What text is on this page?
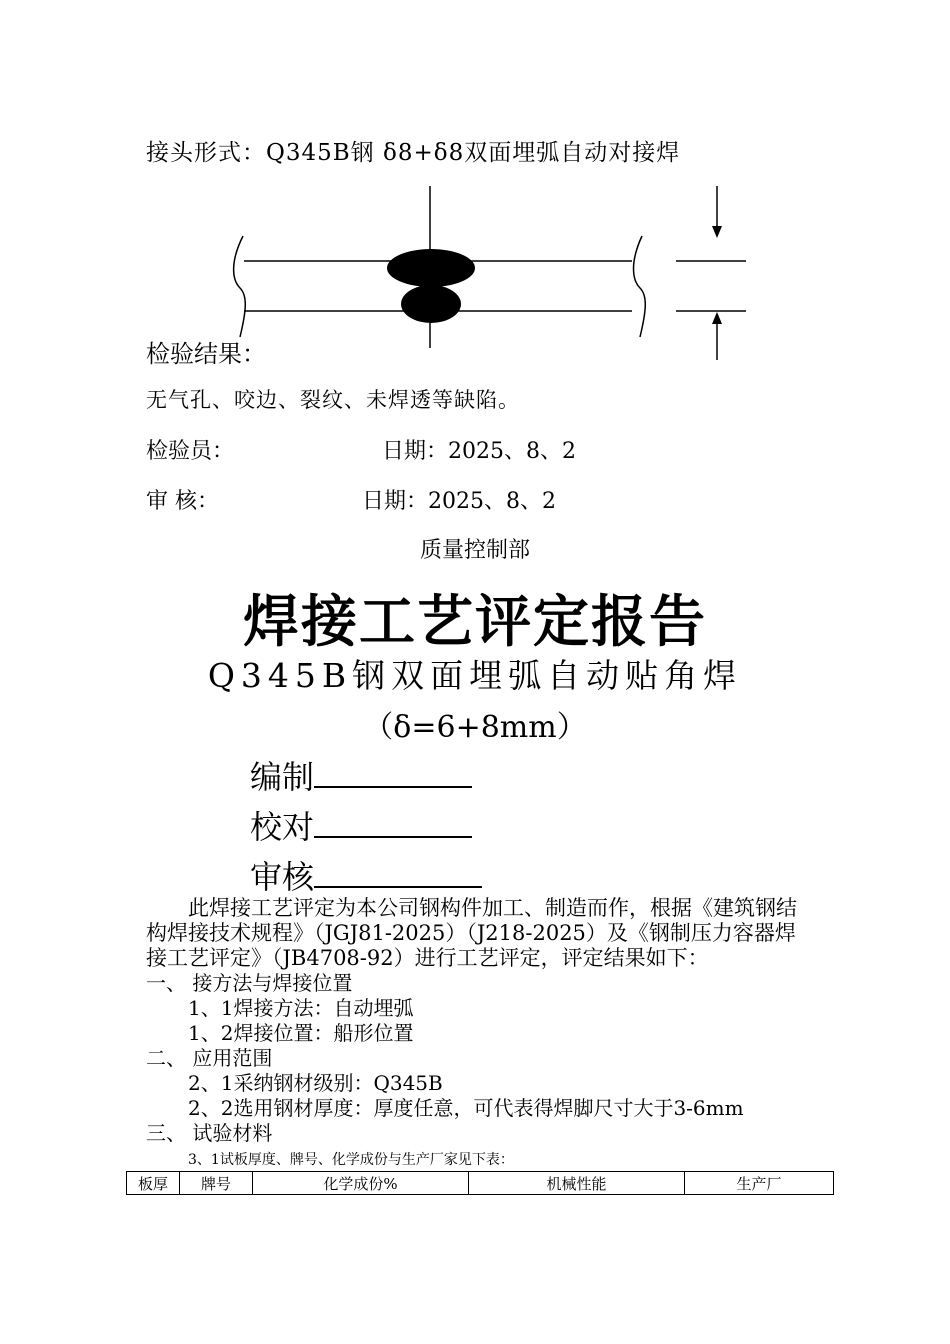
接头形式：Q345B钢 δ8+δ8双面埋弧自动对接焊
检验结果：
无气孔、咬边、裂纹、未焊透等缺陷。
检验员：	日期：2025、8、2
审 核：	日期：2025、8、2
质量控制部
焊接工艺评定报告
Q345B钢双面埋弧自动贴角焊
（δ=6+8mm）
编制
校对
审核
此焊接工艺评定为本公司钢构件加工、制造而作，根据《建筑钢结构焊接技术规程》（JGJ81-2025）（J218-2025）及《钢制压力容器焊接工艺评定》（JB4708-92）进行工艺评定，评定结果如下：
一、 接方法与焊接位置
1、1焊接方法：自动埋弧
1、2焊接位置：船形位置
二、 应用范围
2、1采纳钢材级别：Q345B
2、2选用钢材厚度：厚度任意，可代表得焊脚尺寸大于3-6mm
三、 试验材料
3、1试板厚度、牌号、化学成份与生产厂家见下表：
板厚	牌号	化学成份%	机械性能	生产厂
